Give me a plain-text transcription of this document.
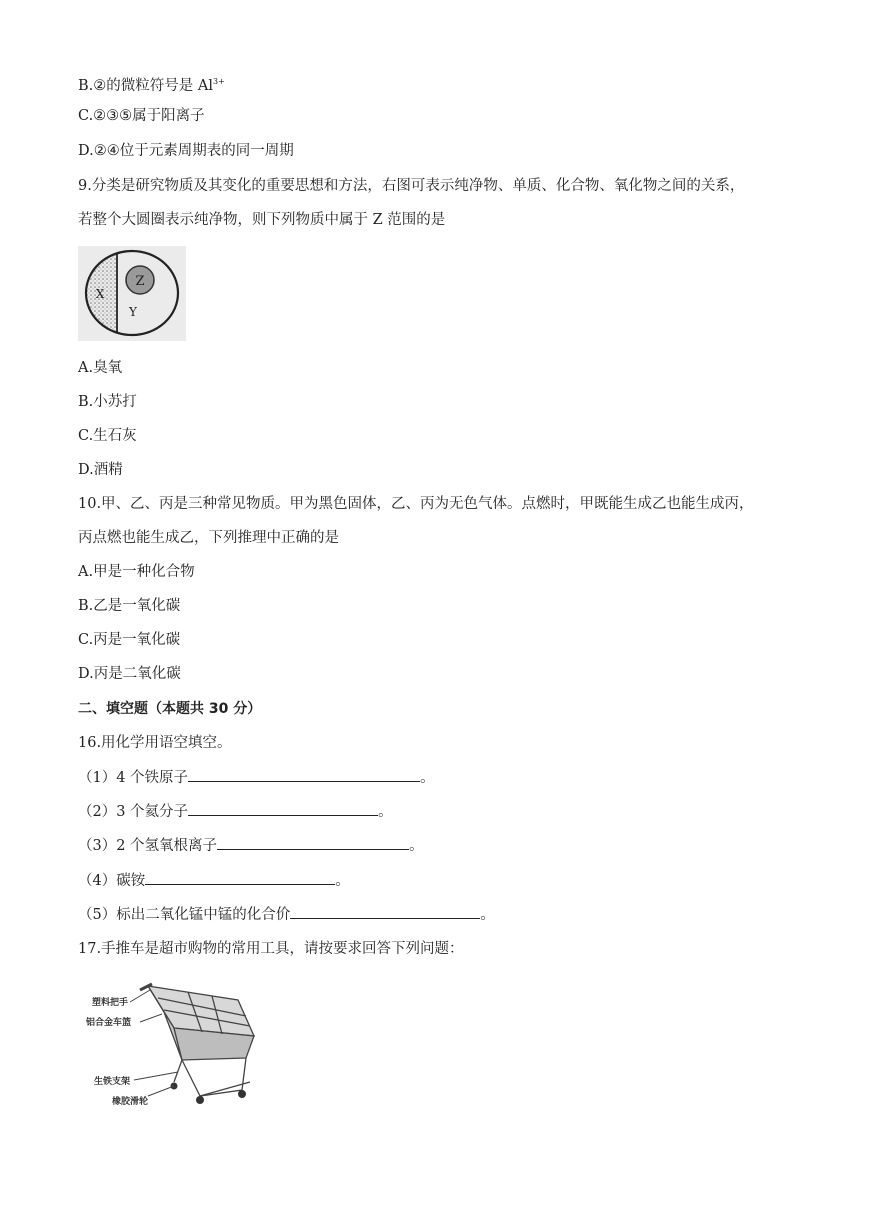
B.②的微粒符号是 $Al^{3+}$
C.②③⑤属于阳离子
D.②④位于元素周期表的同一周期
9.分类是研究物质及其变化的重要思想和方法，右图可表示纯净物、单质、化合物、氧化物之间的关系，
若整个大圆圈表示纯净物，则下列物质中属于 Z 范围的是
Z
X
Y
A.臭氧
B.小苏打
C.生石灰
D.酒精
10.甲、乙、丙是三种常见物质。甲为黑色固体，乙、丙为无色气体。点燃时，甲既能生成乙也能生成丙，
丙点燃也能生成乙，下列推理中正确的是
A.甲是一种化合物
B.乙是一氧化碳
C.丙是一氧化碳
D.丙是二氧化碳
二、填空题（本题共 30 分）
16.用化学用语空填空。
（1）4 个铁原子	。
（2）3 个氦分子	。
（3）2 个氢氧根离子	。
（4）碳铵	。
（5）标出二氧化锰中锰的化合价	。
17.手推车是超市购物的常用工具，请按要求回答下列问题：
塑料把手
铝合金车篮
生铁支架
橡胶滑轮
